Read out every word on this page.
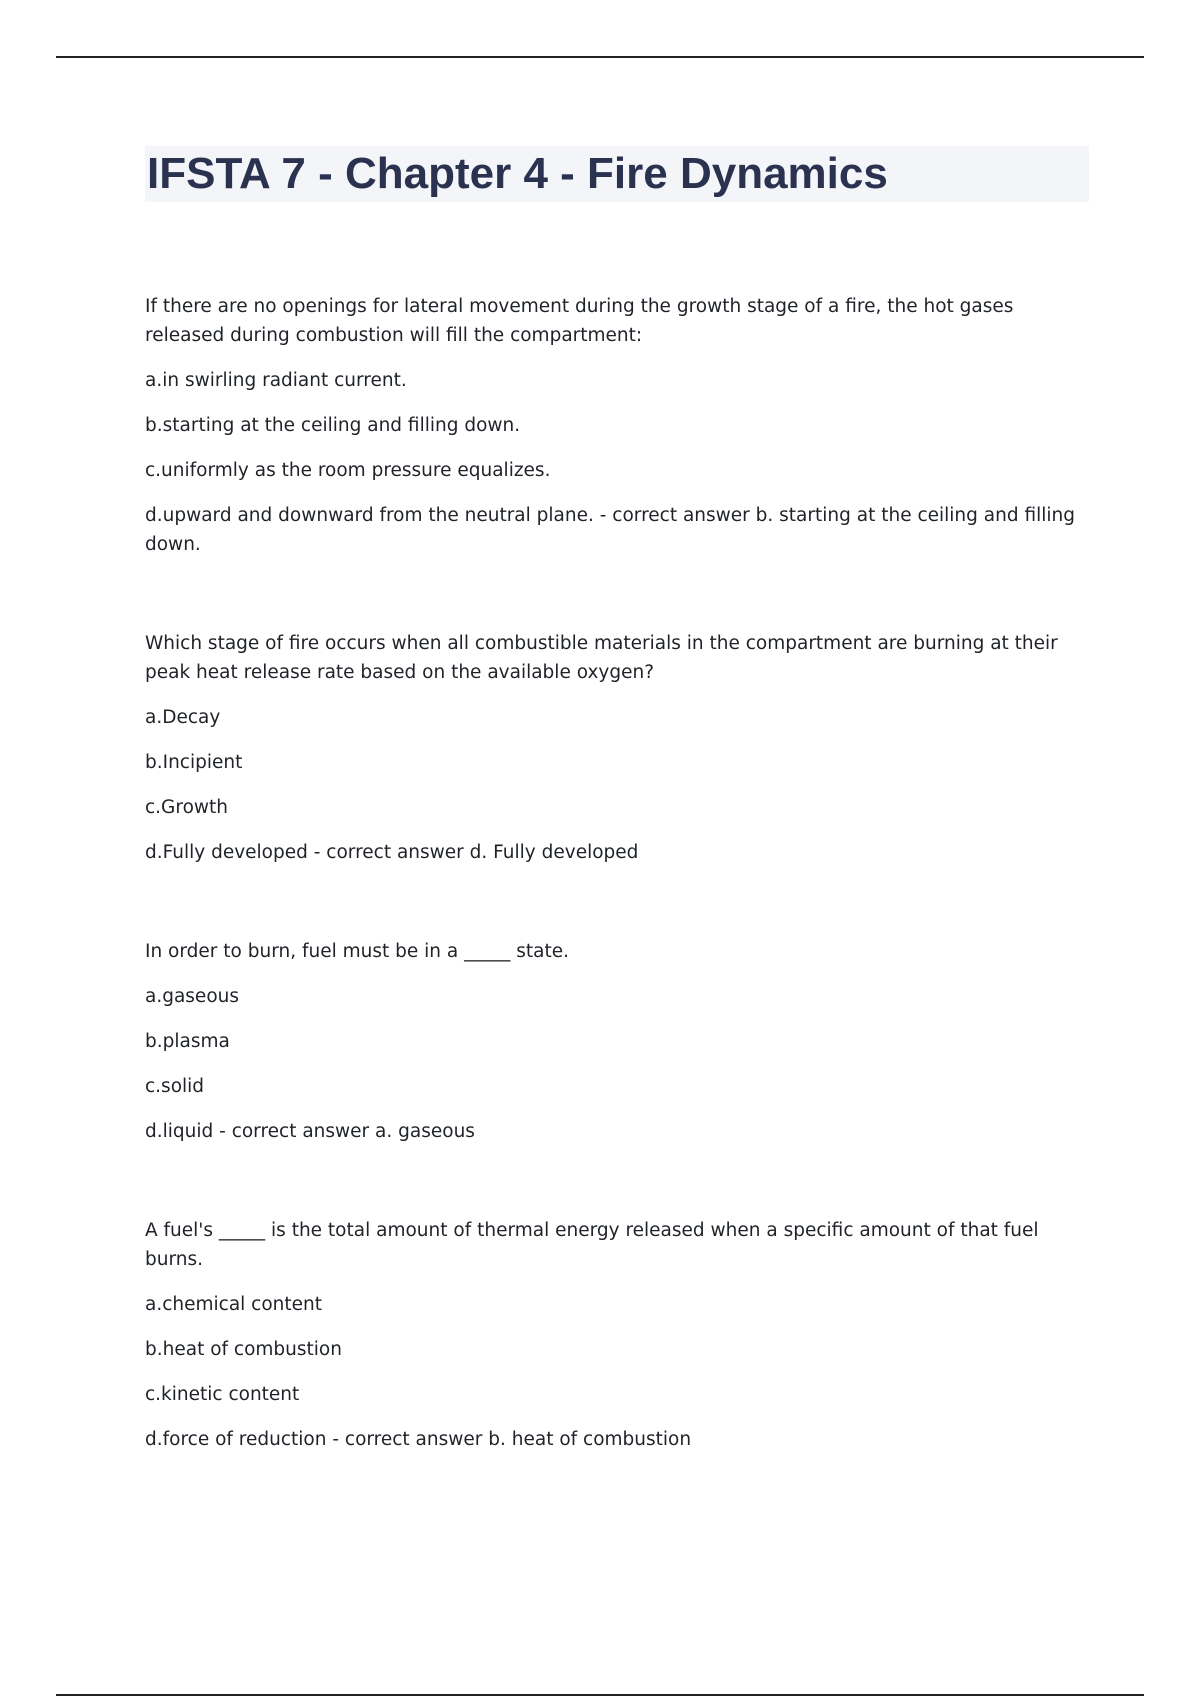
IFSTA 7 - Chapter 4 - Fire Dynamics

If there are no openings for lateral movement during the growth stage of a fire, the hot gases released during combustion will fill the compartment:

a.in swirling radiant current.

b.starting at the ceiling and filling down.

c.uniformly as the room pressure equalizes.

d.upward and downward from the neutral plane. - correct answer b. starting at the ceiling and filling down.

Which stage of fire occurs when all combustible materials in the compartment are burning at their peak heat release rate based on the available oxygen?

a.Decay

b.Incipient

c.Growth

d.Fully developed - correct answer d. Fully developed

In order to burn, fuel must be in a _____ state.

a.gaseous

b.plasma

c.solid

d.liquid - correct answer a. gaseous

A fuel's _____ is the total amount of thermal energy released when a specific amount of that fuel burns.

a.chemical content

b.heat of combustion

c.kinetic content

d.force of reduction - correct answer b. heat of combustion
